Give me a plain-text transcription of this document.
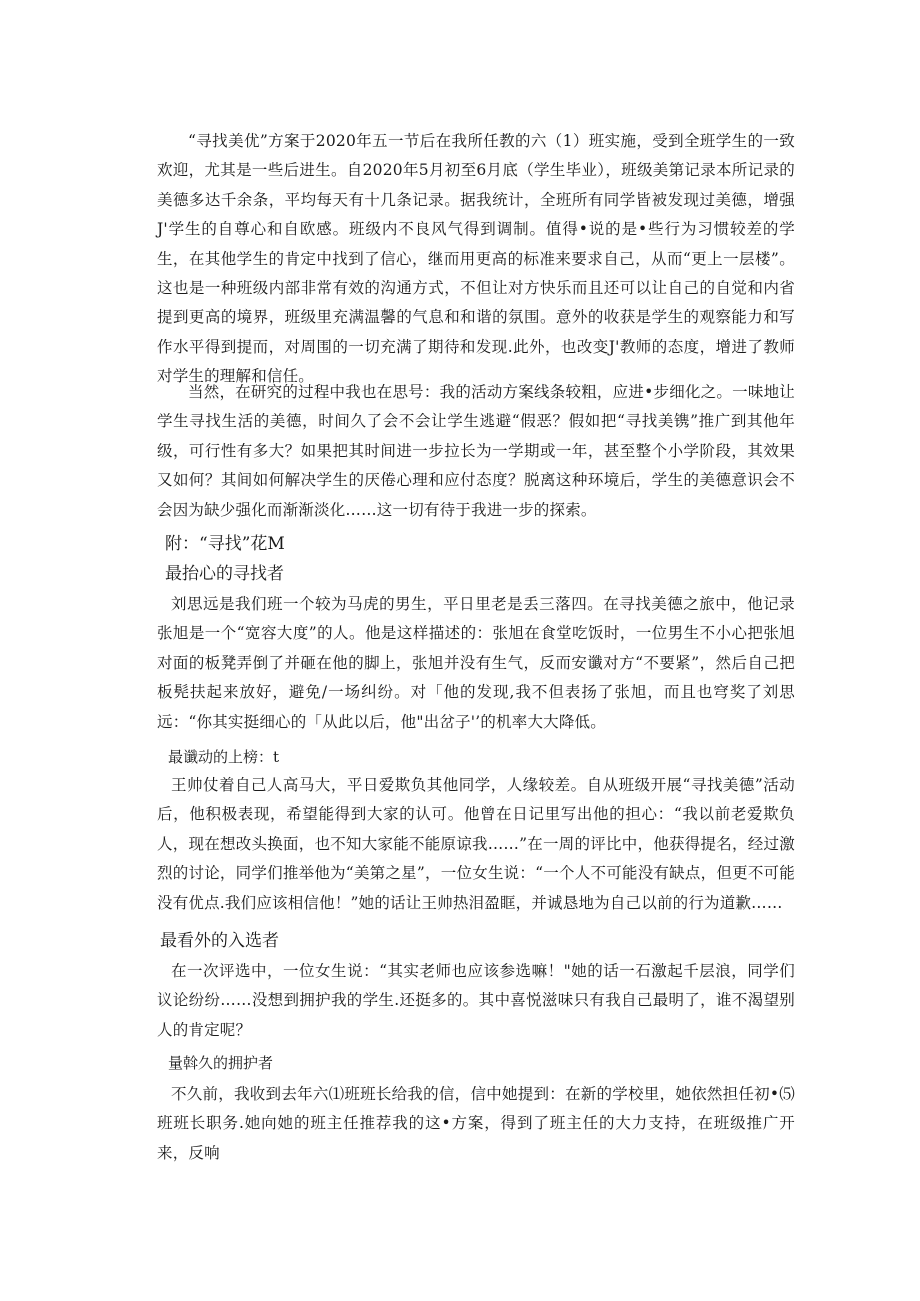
“寻找美优”方案于2020年五一节后在我所任教的六（1）班实施，受到全班学生的一致欢迎，尤其是一些后进生。自2020年5月初至6月底（学生毕业），班级美第记录本所记录的美德多达千余条，平均每天有十几条记录。据我统计，全班所有同学皆被发现过美德，增强J'学生的自尊心和自欧感。班级内不良风气得到调制。值得•说的是•些行为习惯较差的学生，在其他学生的肯定中找到了信心，继而用更高的标准来要求自己，从而“更上一层楼”。这也是一种班级内部非常有效的沟通方式，不但让对方快乐而且还可以让自己的自觉和内省提到更高的境界，班级里充满温馨的气息和和谐的氛围。意外的收获是学生的观察能力和写作水平得到提而，对周围的一切充满了期待和发现.此外，也改变J'教师的态度，增进了教师对学生的理解和信任。

当然，在研究的过程中我也在思号：我的活动方案线条较粗，应进•步细化之。一味地让学生寻找生活的美德，时间久了会不会让学生逃避“假恶？假如把“寻找美镌”推广到其他年级，可行性有多大？如果把其时间进一步拉长为一学期或一年，甚至整个小学阶段，其效果又如何？其间如何解决学生的厌倦心理和应付态度？脱离这种环境后，学生的美德意识会不会因为缺少强化而渐渐淡化……这一切有待于我进一步的探索。

附：“寻找”花M
最抬心的寻找者

刘思远是我们班一个较为马虎的男生，平日里老是丢三落四。在寻找美德之旅中，他记录张旭是一个“宽容大度”的人。他是这样描述的：张旭在食堂吃饭时，一位男生不小心把张旭对面的板凳弄倒了并砸在他的脚上，张旭并没有生气，反而安谶对方“不要紧”，然后自己把板髡扶起来放好，避免/一场纠纷。对「他的发现,我不但表扬了张旭，而且也穹奖了刘思远：“你其实挺细心的「从此以后，他"出岔子'’的机率大大降低。

最谶动的上榜：t

王帅仗着自己人高马大，平日爱欺负其他同学，人缘较差。自从班级开展“寻找美德”活动后，他积极表现，希望能得到大家的认可。他曾在日记里写出他的担心：“我以前老爱欺负人，现在想改头换面，也不知大家能不能原谅我……”在一周的评比中，他获得提名，经过激烈的讨论，同学们推举他为“美第之星”，一位女生说：“一个人不可能没有缺点，但更不可能没有优点.我们应该相信他！”她的话让王帅热泪盈眶，并诚恳地为自己以前的行为道歉……

最看外的入选者

在一次评选中，一位女生说：“其实老师也应该参选嘛！"她的话一石激起千层浪，同学们议论纷纷……没想到拥护我的学生.还挺多的。其中喜悦滋味只有我自己最明了，谁不渴望别人的肯定呢？

量斡久的拥护者

不久前，我收到去年六⑴班班长给我的信，信中她提到：在新的学校里，她依然担任初•⑸班班长职务.她向她的班主任推荐我的这•方案，得到了班主任的大力支持，在班级推广开来，反响
